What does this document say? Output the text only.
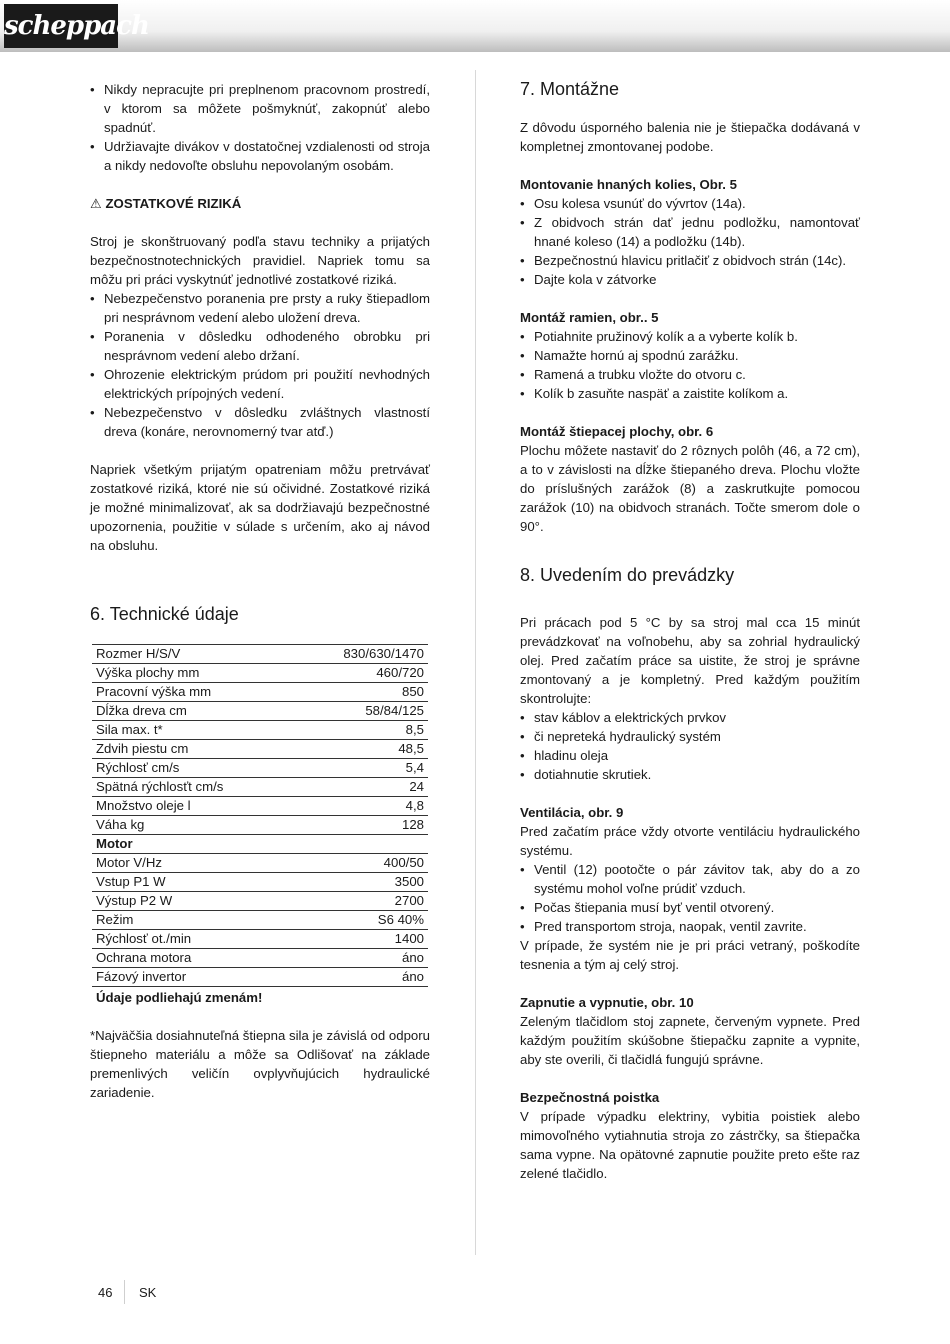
scheppach
• Nikdy nepracujte pri preplnenom pracovnom prostredí, v ktorom sa môžete pošmyknúť, zakopnúť alebo spadnúť.
• Udržiavajte divákov v dostatočnej vzdialenosti od stroja a nikdy nedovoľte obsluhu nepovolaným osobám.
⚠ ZOSTATKOVÉ RIZIKÁ

Stroj je skonštruovaný podľa stavu techniky a prijatých bezpečnostnotechnických pravidiel. Napriek tomu sa môžu pri práci vyskytnúť jednotlivé zostatkové riziká.

• Nebezpečenstvo poranenia pre prsty a ruky štiepadlom pri nesprávnom vedení alebo uložení dreva.
• Poranenia v dôsledku odhodeného obrobku pri nesprávnom vedení alebo držaní.
• Ohrozenie elektrickým prúdom pri použití nevhodných elektrických prípojných vedení.
• Nebezpečenstvo v dôsledku zvláštnych vlastností dreva (konáre, nerovnomerný tvar atď.)

Napriek všetkým prijatým opatreniam môžu pretrvávať zostatkové riziká, ktoré nie sú očividné. Zostatkové riziká je možné minimalizovať, ak sa dodržiavajú bezpečnostné upozornenia, použitie v súlade s určením, ako aj návod na obsluhu.

6. Technické údaje
Rozmer H/S/V	830/630/1470
Výška plochy mm	460/720
Pracovní výška mm	850
Dĺžka dreva cm	58/84/125
Sila max. t*	8,5
Zdvih piestu cm	48,5
Rýchlosť cm/s	5,4
Spätná rýchlosťt cm/s	24
Množstvo oleje l	4,8
Váha kg	128
Motor	
Motor V/Hz	400/50
Vstup P1 W	3500
Výstup P2 W	2700
Režim	S6 40%
Rýchlosť ot./min	1400
Ochrana motora	áno
Fázový invertor	áno
Údaje podliehajú zmenám!

*Najväčšia dosiahnuteľná štiepna sila je závislá od odporu štiepneho materiálu a môže sa Odlišovať na základe premenlivých veličín ovplyvňujúcich hydraulické zariadenie.

7. Montážne

Z dôvodu úsporného balenia nie je štiepačka dodávaná v kompletnej zmontovanej podobe.

Montovanie hnaných kolies, Obr. 5
• Osu kolesa vsunúť do vývrtov (14a).
• Z obidvoch strán dať jednu podložku, namontovať hnané koleso (14) a podložku (14b).
• Bezpečnostnú hlavicu pritlačiť z obidvoch strán (14c).
• Dajte kola v zátvorke
Montáž ramien, obr.. 5
• Potiahnite pružinový kolík a a vyberte kolík b.
• Namažte hornú aj spodnú zarážku.
• Ramená a trubku vložte do otvoru c.
• Kolík b zasuňte naspäť a zaistite kolíkom a.
Montáž štiepacej plochy, obr. 6

Plochu môžete nastaviť do 2 rôznych polôh (46, a 72 cm), a to v závislosti na dĺžke štiepaného dreva. Plochu vložte do príslušných zarážok (8) a zaskrutkujte pomocou zarážok (10) na obidvoch stranách. Točte smerom dole o 90°.

8. Uvedením do prevádzky

Pri prácach pod 5 °C by sa stroj mal cca 15 minút prevádzkovať na voľnobehu, aby sa zohrial hydraulický olej. Pred začatím práce sa uistite, že stroj je správne zmontovaný a je kompletný. Pred každým použitím skontrolujte:

• stav káblov a elektrických prvkov
• či nepreteká hydraulický systém
• hladinu oleja
• dotiahnutie skrutiek.
Ventilácia, obr. 9

Pred začatím práce vždy otvorte ventiláciu hydraulického systému.

• Ventil (12) pootočte o pár závitov tak, aby do a zo systému mohol voľne prúdiť vzduch.
• Počas štiepania musí byť ventil otvorený.
• Pred transportom stroja, naopak, ventil zavrite.

V prípade, že systém nie je pri práci vetraný, poškodíte tesnenia a tým aj celý stroj.

Zapnutie a vypnutie, obr. 10

Zeleným tlačidlom stoj zapnete, červeným vypnete. Pred každým použitím skúšobne štiepačku zapnite a vypnite, aby ste overili, či tlačidlá fungujú správne.

Bezpečnostná poistka

V prípade výpadku elektriny, vybitia poistiek alebo mimovoľného vytiahnutia stroja zo zástrčky, sa štiepačka sama vypne. Na opätovné zapnutie použite preto ešte raz zelené tlačidlo.

46 SK
